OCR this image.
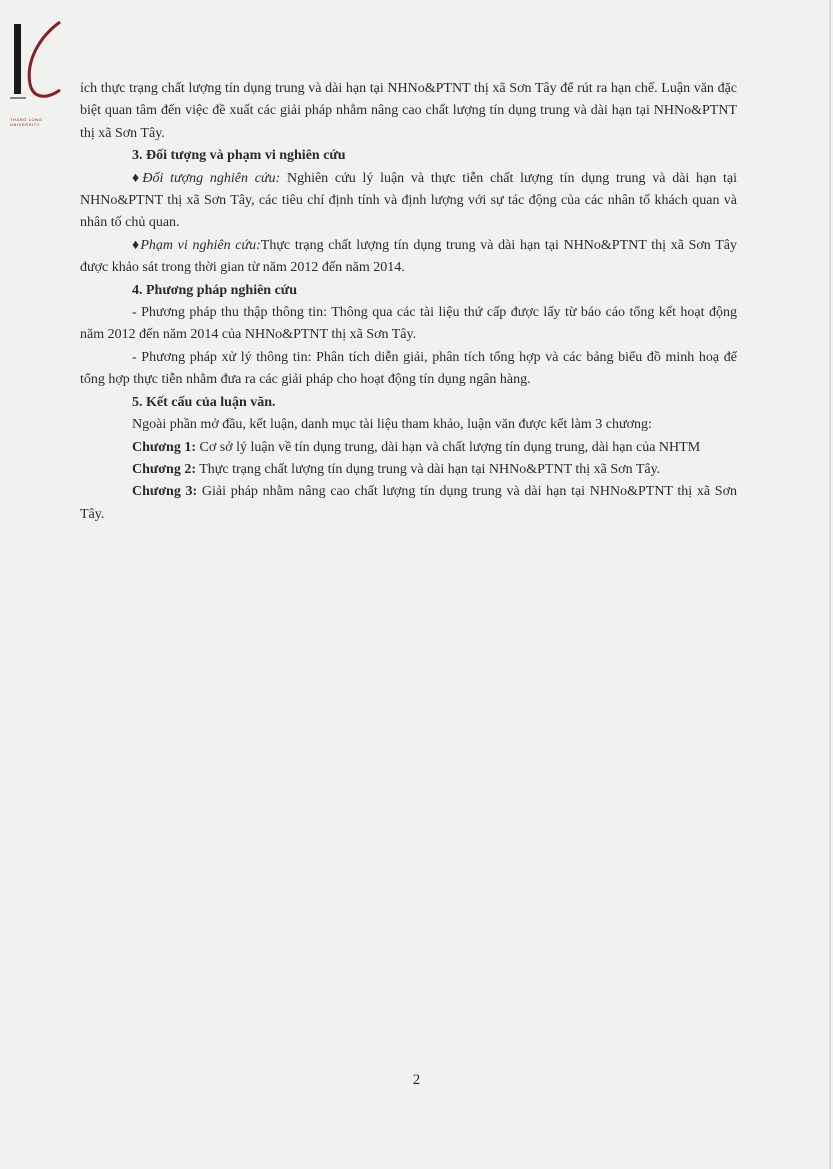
THANG LONG
UNIVERSITY

ích thực trạng chất lượng tín dụng trung và dài hạn tại NHNo&PTNT thị xã Sơn Tây để rút ra hạn chế. Luận văn đặc biệt quan tâm đến việc đề xuất các giải pháp nhằm nâng cao chất lượng tín dụng trung và dài hạn tại NHNo&PTNT thị xã Sơn Tây.

3. Đối tượng và phạm vi nghiên cứu

♦Đối tượng nghiên cứu: Nghiên cứu lý luận và thực tiễn chất lượng tín dụng trung và dài hạn tại NHNo&PTNT thị xã Sơn Tây, các tiêu chí định tính và định lượng với sự tác động của các nhân tố khách quan và nhân tố chủ quan.

♦Phạm vi nghiên cứu:Thực trạng chất lượng tín dụng trung và dài hạn tại NHNo&PTNT thị xã Sơn Tây được khảo sát trong thời gian từ năm 2012 đến năm 2014.

4. Phương pháp nghiên cứu

- Phương pháp thu thập thông tin: Thông qua các tài liệu thứ cấp được lấy từ báo cáo tổng kết hoạt động năm 2012 đến năm 2014 của NHNo&PTNT thị xã Sơn Tây.

- Phương pháp xử lý thông tin: Phân tích diễn giải, phân tích tổng hợp và các bảng biểu đồ minh hoạ để tổng hợp thực tiễn nhằm đưa ra các giải pháp cho hoạt động tín dụng ngân hàng.

5. Kết cấu của luận văn.

Ngoài phần mở đầu, kết luận, danh mục tài liệu tham khảo, luận văn được kết làm 3 chương:

Chương 1: Cơ sở lý luận về tín dụng trung, dài hạn và chất lượng tín dụng trung, dài hạn của NHTM

Chương 2: Thực trạng chất lượng tín dụng trung và dài hạn tại NHNo&PTNT thị xã Sơn Tây.

Chương 3: Giải pháp nhằm nâng cao chất lượng tín dụng trung và dài hạn tại NHNo&PTNT thị xã Sơn Tây.

2
